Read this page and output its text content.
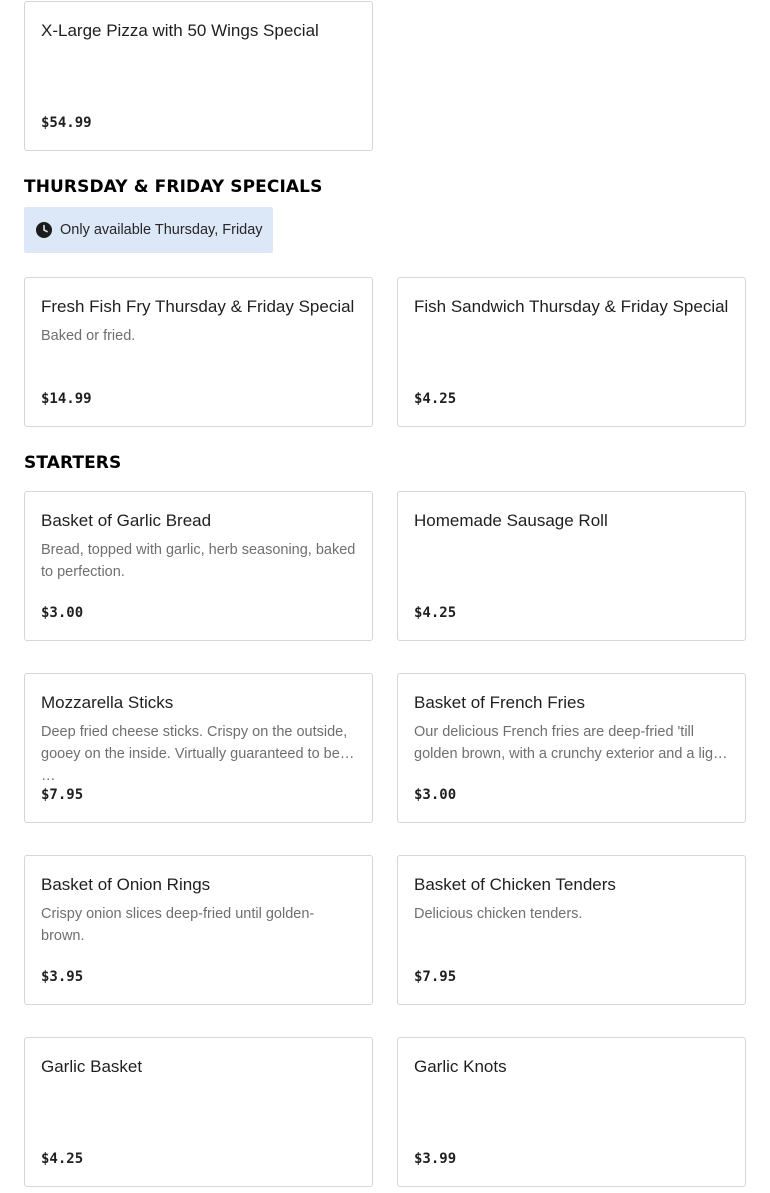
X-Large Pizza with 50 Wings Special
$54.99
THURSDAY & FRIDAY SPECIALS
Only available Thursday, Friday
Fresh Fish Fry Thursday & Friday Special
Baked or fried.
$14.99
Fish Sandwich Thursday & Friday Special
$4.25
STARTERS
Basket of Garlic Bread
Bread, topped with garlic, herb seasoning, baked to perfection.
$3.00
Homemade Sausage Roll
$4.25
Mozzarella Sticks
Deep fried cheese sticks. Crispy on the outside, gooey on the inside. Virtually guaranteed to be …
$7.95
Basket of French Fries
Our delicious French fries are deep-fried 'till golden brown, with a crunchy exterior and a lig…
$3.00
Basket of Onion Rings
Crispy onion slices deep-fried until golden-brown.
$3.95
Basket of Chicken Tenders
Delicious chicken tenders.
$7.95
Garlic Basket
$4.25
Garlic Knots
$3.99
